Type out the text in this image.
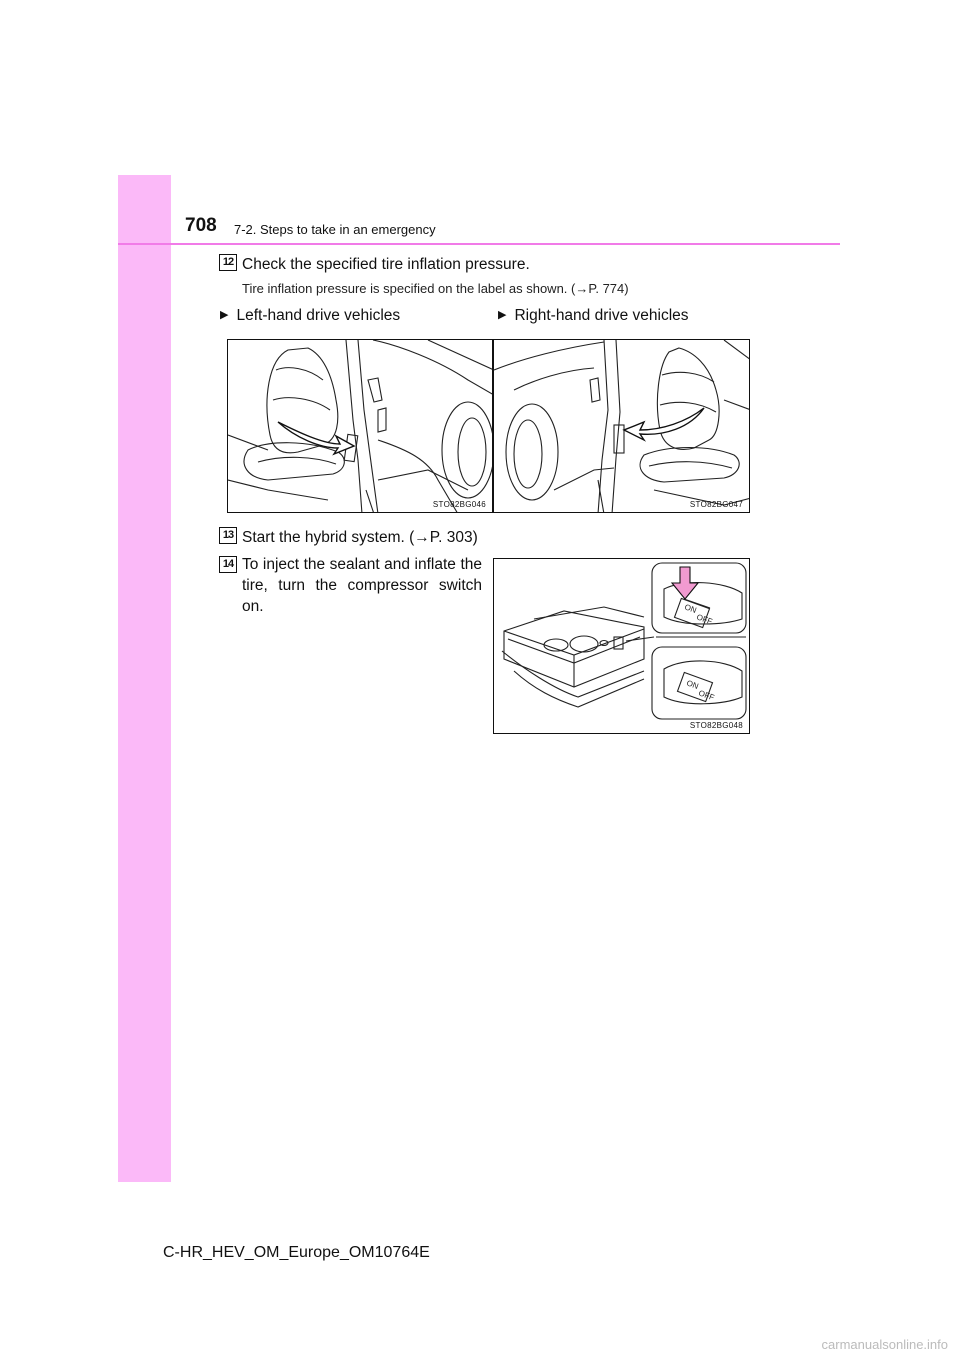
708 7-2. Steps to take in an emergency
12 Check the specified tire inflation pressure.
Tire inflation pressure is specified on the label as shown. (→P. 774)
▶ Left-hand drive vehicles	▶ Right-hand drive vehicles
STO82BG046	STO82BG047
13 Start the hybrid system. (→P. 303)
14 To inject the sealant and inflate the tire, turn the compressor switch on.	ON
OFF
ON
OFF
STO82BG048
C-HR_HEV_OM_Europe_OM10764E
carmanualsonline.info
